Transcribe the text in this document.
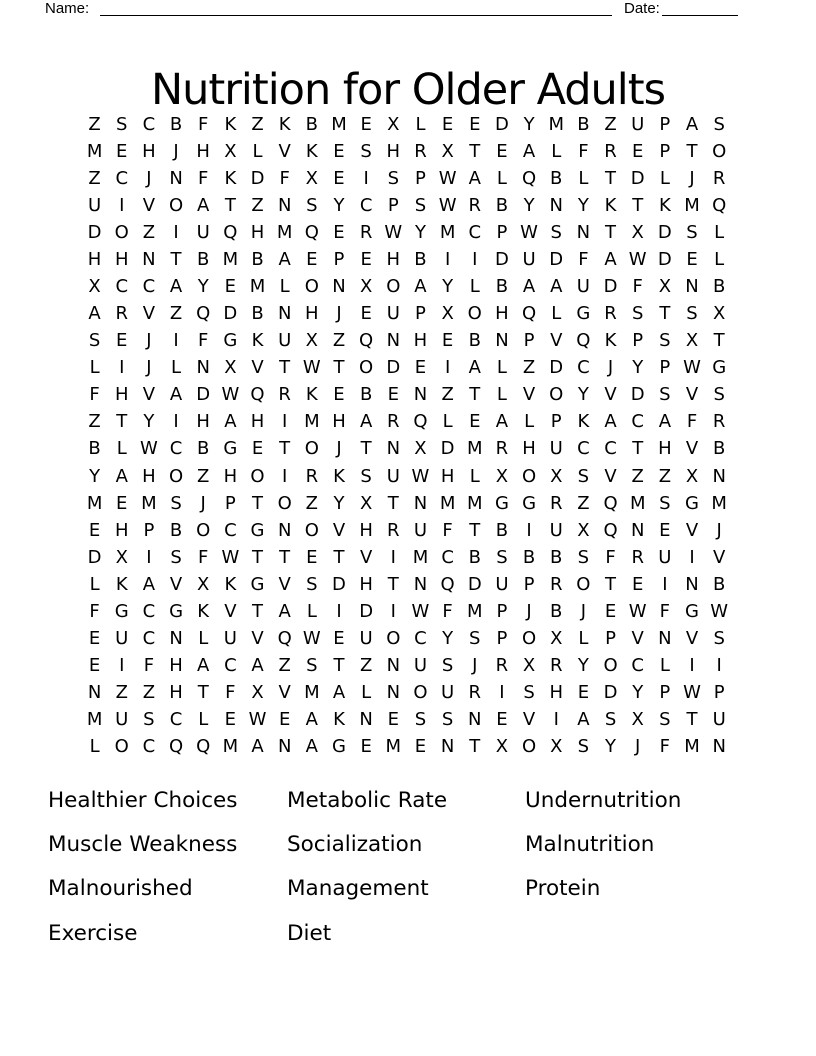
Name:	Date:
Nutrition for Older Adults
Z S C B F K Z K B M E X L E E D Y M B Z U P A S
M E H J H X L V K E S H R X T E A L F R E P T O
Z C	J N F K D F X E	I	S P W A L Q B L T D L	J	R
U I	V O A T Z N S Y C P S W R B Y N Y K T K M Q
D O Z	I U Q H M Q E R W Y M C P W S N T X D S L
H H N T B M B A E P E H B	I	I D U D F A W D E L
X C C A Y E M L O N X O A Y L B A A U D F X N B
A R V Z Q D B N H J	E U P X O H Q L G R S T S X
S E	J	I	F G K U X Z Q N H E B N P V Q K P S X T
L	I	J	L N X V T W T O D E	I	A L Z D C	J	Y P W G
F H V A D W Q R K E B E N Z T L V O Y V D S V S
Z T Y	I H A H I M H A R Q L E A L P K A C A F R
B L W C B G E T O J	T N X D M R H U C C T H V B
Y A H O Z H O I	R K S U W H L X O X S V Z Z X N
M E M S	J	P T O Z Y X T N M M G G R Z Q M S G M
E H P B O C G N O V H R U F T B	I U X Q N E V	J
D X	I	S F W T T E T V	I M C B S B B S F R U I	V
L K A V X K G V S D H T N Q D U P R O T E	I N B
F G C G K V T A L	I D I W F M P	J	B	J	E W F G W
E U C N L U V Q W E U O C Y S P O X L P V N V S
E	I	F H A C A Z S T Z N U S	J	R X R Y O C L	I	I
N Z Z H T F X V M A L N O U R	I	S H E D Y P W P
M U S C L E W E A K N E S S N E V	I	A S X S T U
L O C Q Q M A N A G E M E N T X O X S Y	J	F M N
Healthier Choices
Muscle Weakness
Malnourished
Exercise
Metabolic Rate
Socialization
Management
Diet
Undernutrition
Malnutrition
Protein
